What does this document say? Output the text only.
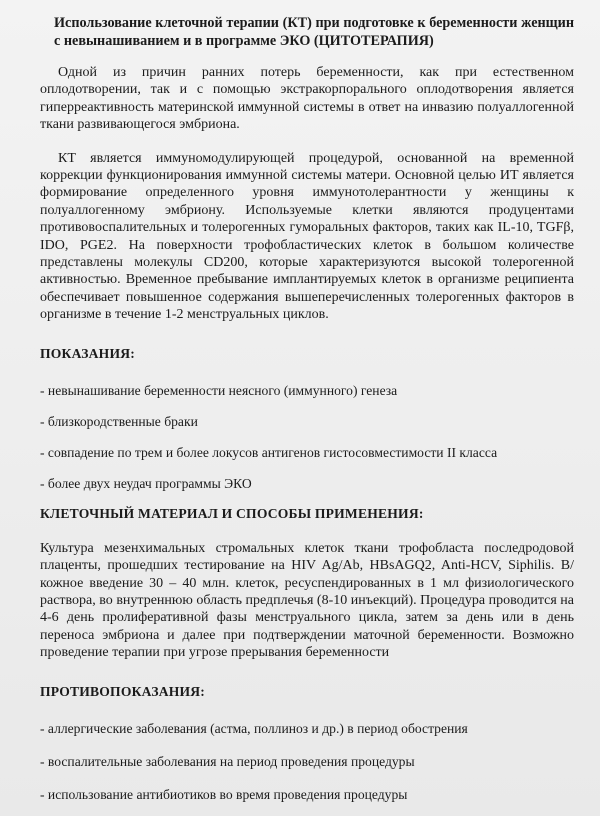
Использование клеточной терапии (КТ) при подготовке к беременности женщин с невынашиванием и в программе ЭКО (ЦИТОТЕРАПИЯ)

Одной из причин ранних потерь беременности, как при естественном оплодотворении, так и с помощью экстракорпорального оплодотворения является гиперреактивность материнской иммунной системы в ответ на инвазию полуаллогенной ткани развивающегося эмбриона.

КТ является иммуномодулирующей процедурой, основанной на временной коррекции функционирования иммунной системы матери. Основной целью ИТ является формирование определенного уровня иммунотолерантности у женщины к полуаллогенному эмбриону. Используемые клетки являются продуцентами противовоспалительных и толерогенных гуморальных факторов, таких как IL-10, TGFβ, IDO, PGE2. На поверхности трофобластических клеток в большом количестве представлены молекулы CD200, которые характеризуются высокой толерогенной активностью. Временное пребывание имплантируемых клеток в организме реципиента обеспечивает повышенное содержания вышеперечисленных толерогенных факторов в организме в течение 1-2 менструальных циклов.

ПОКАЗАНИЯ:
- невынашивание беременности неясного (иммунного) генеза
- близкородственные браки
- совпадение по трем и более локусов антигенов гистосовместимости II класса
- более двух неудач программы ЭКО
КЛЕТОЧНЫЙ МАТЕРИАЛ И СПОСОБЫ ПРИМЕНЕНИЯ:

Культура мезенхимальных стромальных клеток ткани трофобласта последродовой плаценты, прошедших тестирование на HIV Ag/Ab, HBsAGQ2, Anti-HCV, Siphilis. В/кожное введение 30 – 40 млн. клеток, ресуспендированных в 1 мл физиологического раствора, во внутреннюю область предплечья (8-10 инъекций). Процедура проводится на 4-6 день пролиферативной фазы менструального цикла, затем за день или в день переноса эмбриона и далее при подтверждении маточной беременности. Возможно проведение терапии при угрозе прерывания беременности

ПРОТИВОПОКАЗАНИЯ:
- аллергические заболевания (астма, поллиноз и др.) в период обострения
- воспалительные заболевания на период проведения процедуры
- использование антибиотиков во время проведения процедуры
